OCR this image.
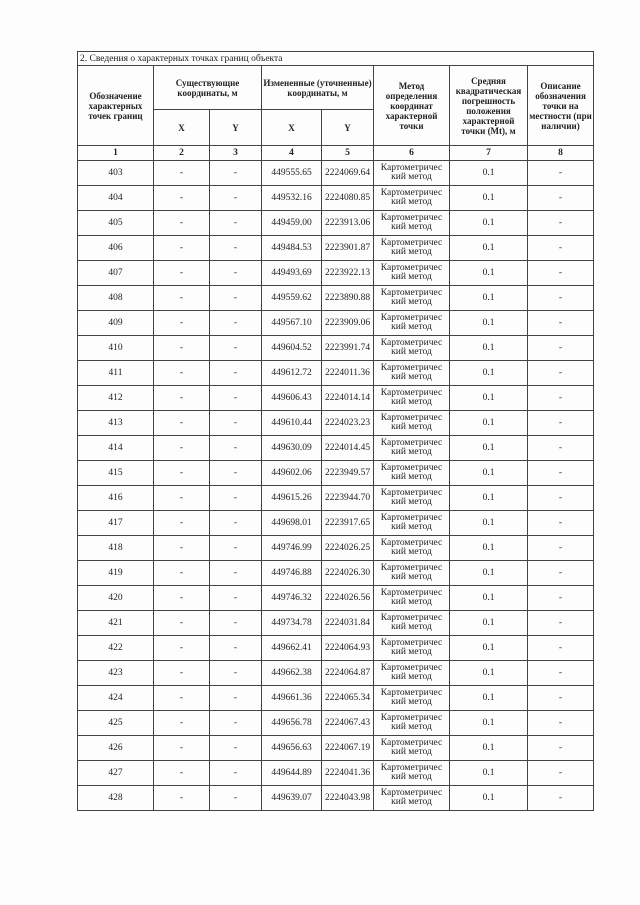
2. Сведения о характерных точках границ объекта							
Обозначение характерных точек границ	Существующие координаты, м		Измененные (уточненные) координаты, м		Метод определения координат характерной точки	Средняя квадратическая погрешность положения характерной точки (Mt), м	Описание обозначения точки на местности (при наличии)
	X	Y	X	Y			
1	2	3	4	5	6	7	8
403	-	-	449555.65	2224069.64	Картометричес кий метод	0.1	-
404	-	-	449532.16	2224080.85	Картометричес кий метод	0.1	-
405	-	-	449459.00	2223913.06	Картометричес кий метод	0.1	-
406	-	-	449484.53	2223901.87	Картометричес кий метод	0.1	-
407	-	-	449493.69	2223922.13	Картометричес кий метод	0.1	-
408	-	-	449559.62	2223890.88	Картометричес кий метод	0.1	-
409	-	-	449567.10	2223909.06	Картометричес кий метод	0.1	-
410	-	-	449604.52	2223991.74	Картометричес кий метод	0.1	-
411	-	-	449612.72	2224011.36	Картометричес кий метод	0.1	-
412	-	-	449606.43	2224014.14	Картометричес кий метод	0.1	-
413	-	-	449610.44	2224023.23	Картометричес кий метод	0.1	-
414	-	-	449630.09	2224014.45	Картометричес кий метод	0.1	-
415	-	-	449602.06	2223949.57	Картометричес кий метод	0.1	-
416	-	-	449615.26	2223944.70	Картометричес кий метод	0.1	-
417	-	-	449698.01	2223917.65	Картометричес кий метод	0.1	-
418	-	-	449746.99	2224026.25	Картометричес кий метод	0.1	-
419	-	-	449746.88	2224026.30	Картометричес кий метод	0.1	-
420	-	-	449746.32	2224026.56	Картометричес кий метод	0.1	-
421	-	-	449734.78	2224031.84	Картометричес кий метод	0.1	-
422	-	-	449662.41	2224064.93	Картометричес кий метод	0.1	-
423	-	-	449662.38	2224064.87	Картометричес кий метод	0.1	-
424	-	-	449661.36	2224065.34	Картометричес кий метод	0.1	-
425	-	-	449656.78	2224067.43	Картометричес кий метод	0.1	-
426	-	-	449656.63	2224067.19	Картометричес кий метод	0.1	-
427	-	-	449644.89	2224041.36	Картометричес кий метод	0.1	-
428	-	-	449639.07	2224043.98	Картометричес кий метод	0.1	-
